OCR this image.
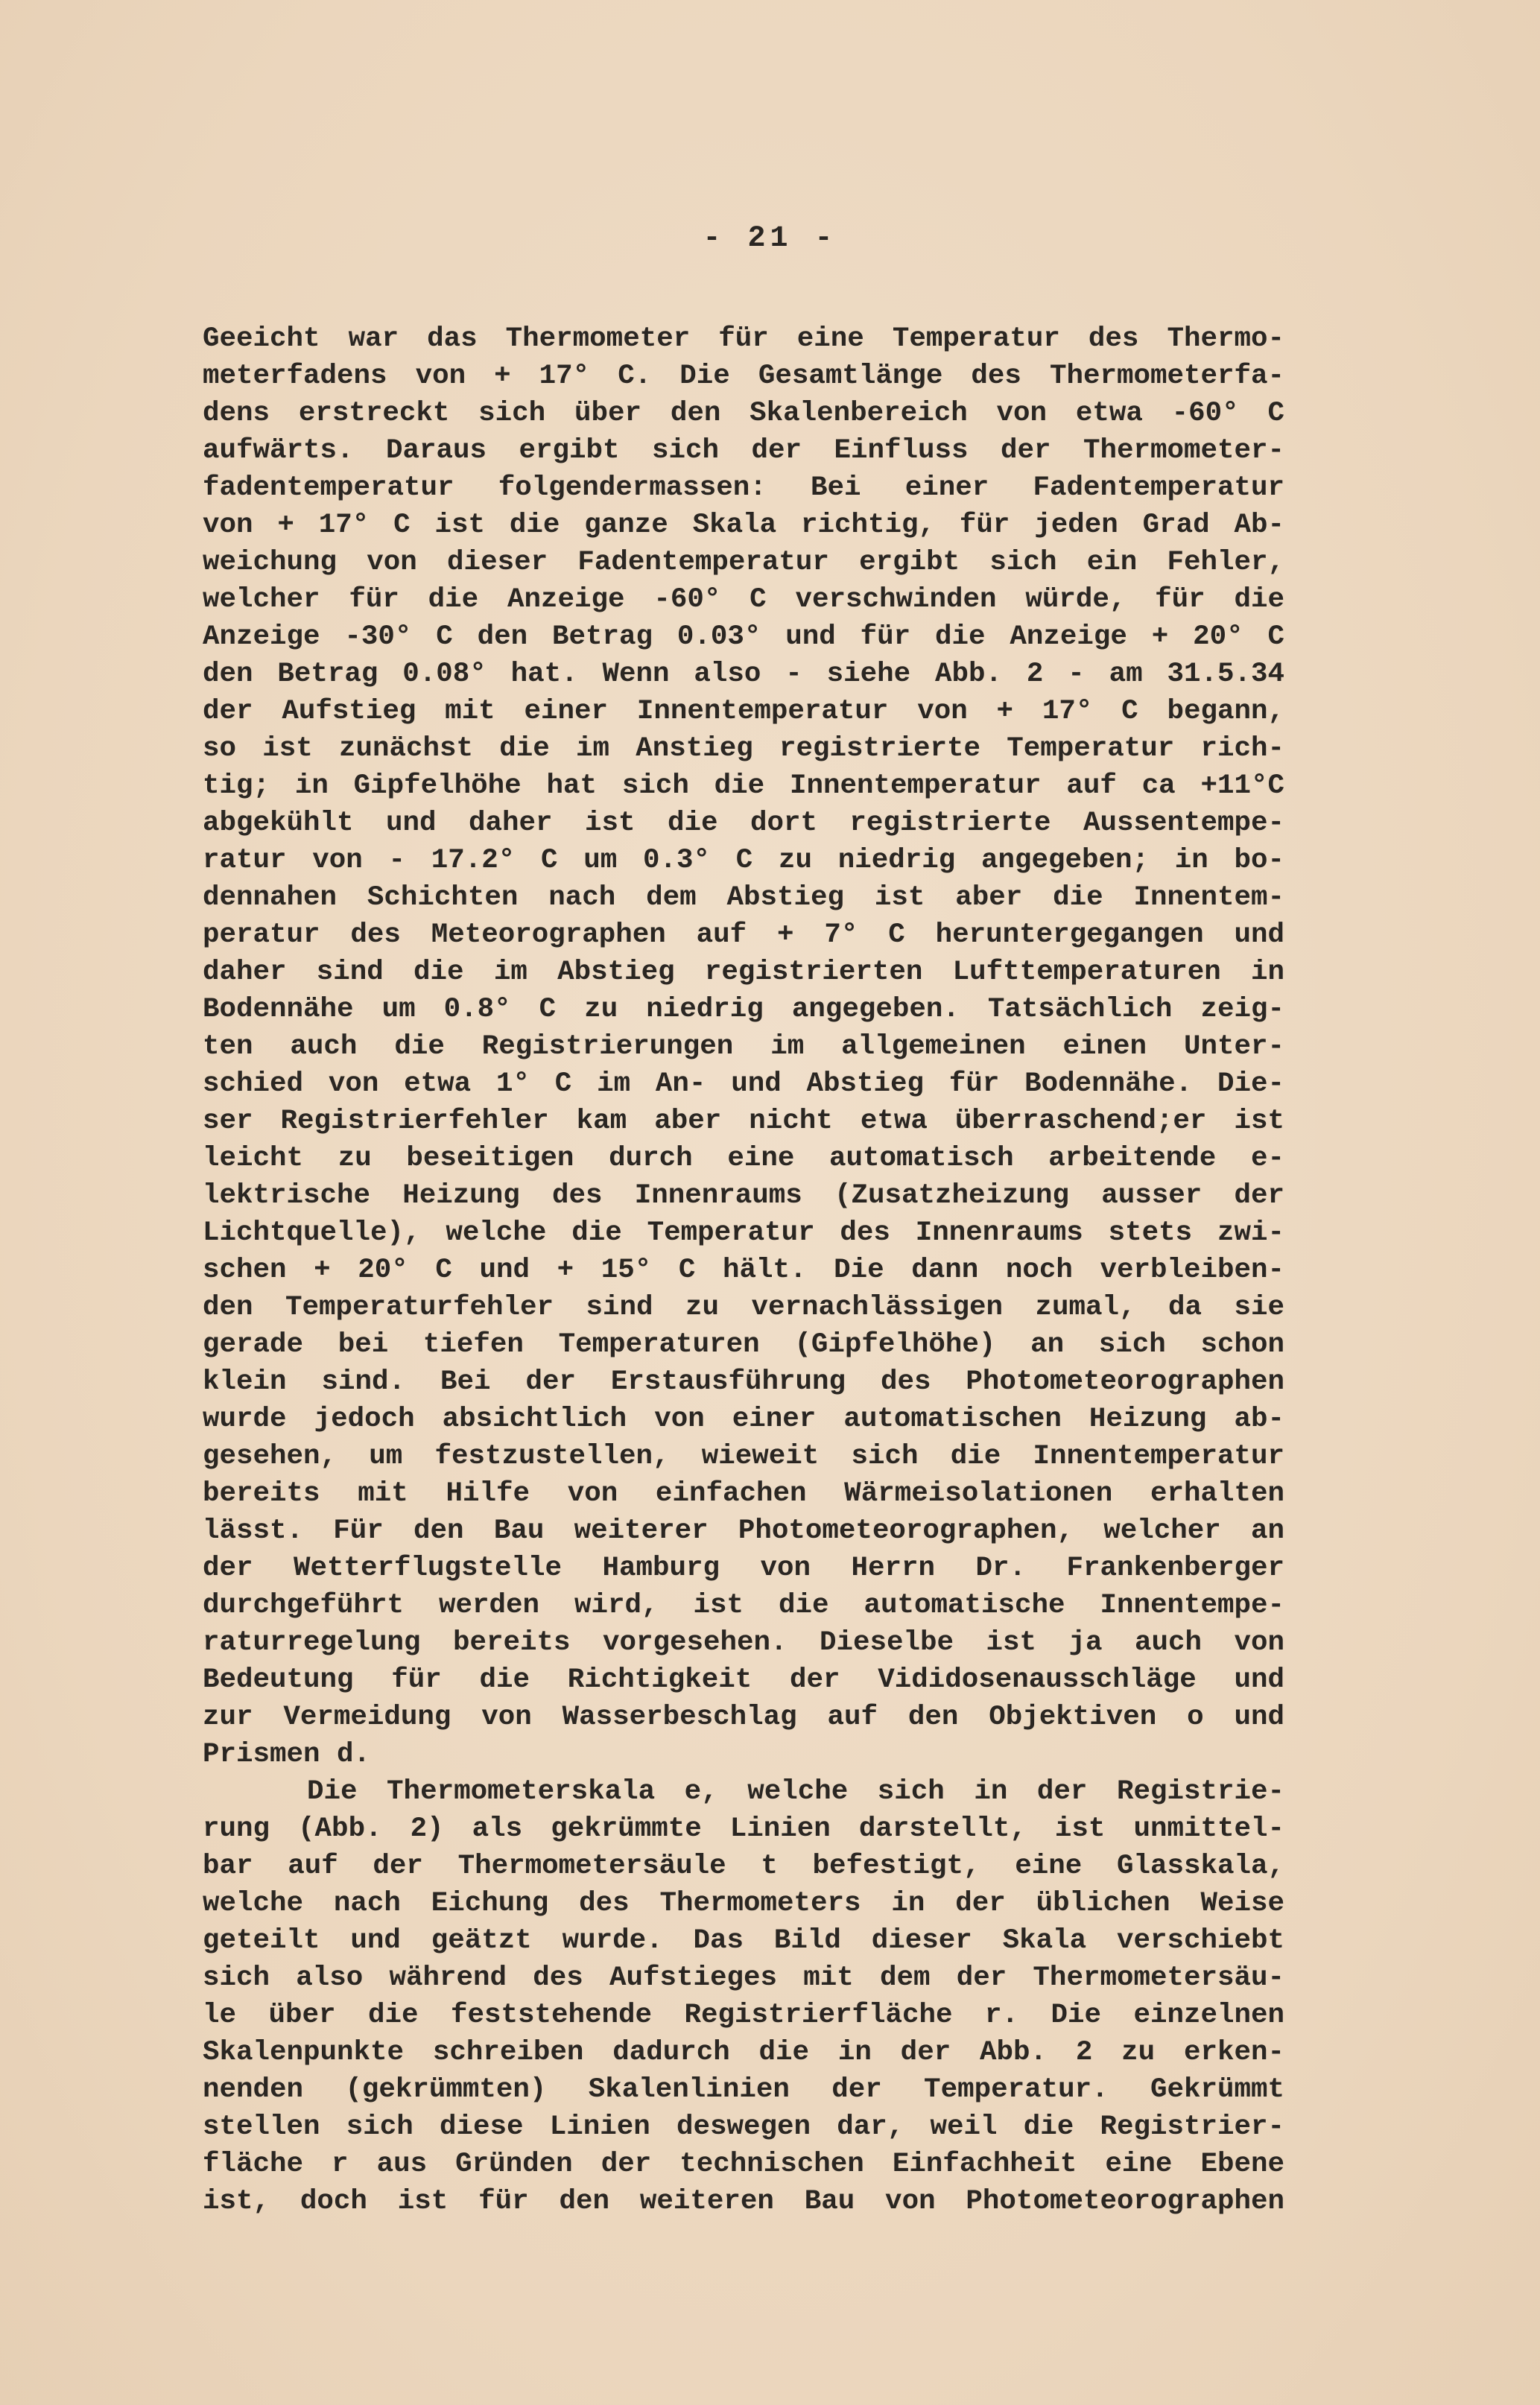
- 21 -
Geeicht war das Thermometer für eine Temperatur des Thermo-
meterfadens von + 17° C. Die Gesamtlänge des Thermometerfa-
dens erstreckt sich über den Skalenbereich von etwa -60° C
aufwärts. Daraus ergibt sich der Einfluss der Thermometer-
fadentemperatur folgendermassen: Bei einer Fadentemperatur
von + 17° C ist die ganze Skala richtig, für jeden Grad Ab-
weichung von dieser Fadentemperatur ergibt sich ein Fehler,
welcher für die Anzeige -60° C verschwinden würde, für die
Anzeige -30° C den Betrag 0.03° und für die Anzeige + 20° C
den Betrag 0.08° hat. Wenn also - siehe Abb. 2 - am 31.5.34
der Aufstieg mit einer Innentemperatur von + 17° C begann,
so ist zunächst die im Anstieg registrierte Temperatur rich-
tig; in Gipfelhöhe hat sich die Innentemperatur auf ca +11°C
abgekühlt und daher ist die dort registrierte Aussentempe-
ratur von - 17.2° C um 0.3° C zu niedrig angegeben; in bo-
dennahen Schichten nach dem Abstieg ist aber die Innentem-
peratur des Meteorographen auf + 7° C heruntergegangen und
daher sind die im Abstieg registrierten Lufttemperaturen in
Bodennähe um 0.8° C zu niedrig angegeben. Tatsächlich zeig-
ten auch die Registrierungen im allgemeinen einen Unter-
schied von etwa 1° C im An- und Abstieg für Bodennähe. Die-
ser Registrierfehler kam aber nicht etwa überraschend;er ist
leicht zu beseitigen durch eine automatisch arbeitende e-
lektrische Heizung des Innenraums (Zusatzheizung ausser der
Lichtquelle), welche die Temperatur des Innenraums stets zwi-
schen + 20° C und + 15° C hält. Die dann noch verbleiben-
den Temperaturfehler sind zu vernachlässigen zumal, da sie
gerade bei tiefen Temperaturen (Gipfelhöhe) an sich schon
klein sind. Bei der Erstausführung des Photometeorographen
wurde jedoch absichtlich von einer automatischen Heizung ab-
gesehen, um festzustellen, wieweit sich die Innentemperatur
bereits mit Hilfe von einfachen Wärmeisolationen erhalten
lässt. Für den Bau weiterer Photometeorographen, welcher an
der Wetterflugstelle Hamburg von Herrn Dr. Frankenberger
durchgeführt werden wird, ist die automatische Innentempe-
raturregelung bereits vorgesehen. Dieselbe ist ja auch von
Bedeutung für die Richtigkeit der Vididosenausschläge und
zur Vermeidung von Wasserbeschlag auf den Objektiven o und
Prismen d.
Die Thermometerskala e, welche sich in der Registrie-
rung (Abb. 2) als gekrümmte Linien darstellt, ist unmittel-
bar auf der Thermometersäule t befestigt, eine Glasskala,
welche nach Eichung des Thermometers in der üblichen Weise
geteilt und geätzt wurde. Das Bild dieser Skala verschiebt
sich also während des Aufstieges mit dem der Thermometersäu-
le über die feststehende Registrierfläche r. Die einzelnen
Skalenpunkte schreiben dadurch die in der Abb. 2 zu erken-
nenden (gekrümmten) Skalenlinien der Temperatur. Gekrümmt
stellen sich diese Linien deswegen dar, weil die Registrier-
fläche r aus Gründen der technischen Einfachheit eine Ebene
ist, doch ist für den weiteren Bau von Photometeorographen
